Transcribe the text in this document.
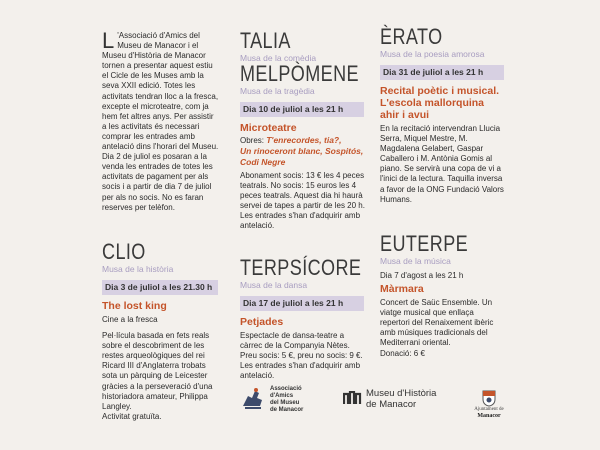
L 'Associació d'Amics del Museu de Manacor i el Museu d'Història de Manacor tornen a presentar aquest estiu el Cicle de les Muses amb la seva XXII edició. Totes les activitats tendran lloc a la fresca, excepte el microteatre, com ja hem fet altres anys. Per assistir a les activitats és necessari comprar les entrades amb antelació dins l'horari del Museu. Dia 2 de juliol es posaran a la venda les entrades de totes les activitats de pagament per als socis i a partir de dia 7 de juliol per als no socis. No es faran reserves per telèfon.

CLIO
Musa de la història
Dia 3 de juliol a les 21.30 h
The lost king

Cine a la fresca

Pel·lícula basada en fets reals sobre el descobriment de les restes arqueològiques del rei Ricard III d'Anglaterra trobats sota un pàrquing de Leicester gràcies a la perseveració d'una historiadora amateur, Philippa Langley.

Activitat gratuïta.

TALIA
Musa de la comèdia
MELPÒMENE
Musa de la tragèdia
Dia 10 de juliol a les 21 h
Microteatre
Obres: T'enrecordes, tia?,
Un rinoceront blanc, Sospitós,
Codi Negre

Abonament socis: 13 € les 4 peces teatrals. No socis: 15 euros les 4 peces teatrals. Aquest dia hi haurà servei de tapes a partir de les 20 h. Les entrades s'han d'adquirir amb antelació.

TERPSÍCORE
Musa de la dansa
Dia 17 de juliol a les 21 h
Petjades

Espectacle de dansa-teatre a càrrec de la Companyia Nètes. Preu socis: 5 €, preu no socis: 9 €. Les entrades s'han d'adquirir amb antelació.

ÈRATO
Musa de la poesia amorosa
Dia 31 de juliol a les 21 h
Recital poètic i musical.
L'escola mallorquina
ahir i avui

En la recitació intervendran Llucia Serra, Miquel Mestre, M. Magdalena Gelabert, Gaspar Caballero i M. Antònia Gomis al piano. Se servirà una copa de vi a l'inici de la lectura. Taquilla inversa a favor de la ONG Fundació Valors Humans.

EUTERPE
Musa de la música

Dia 7 d'agost a les 21 h

Màrmara

Concert de Saüc Ensemble. Un viatge musical que enllaça repertori del Renaixement ibèric amb músiques tradicionals del Mediterrani oriental.

Donació: 6 €

Associació
d'Amics
del Museu
de Manacor
Museu d'Història
de Manacor	Ajuntament de
Manacor
